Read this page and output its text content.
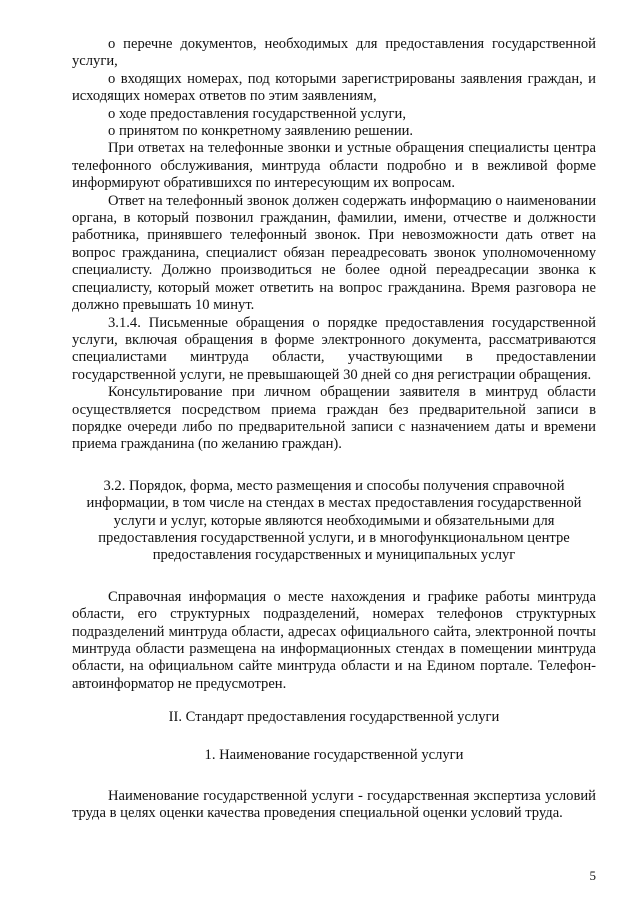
о перечне документов, необходимых для предоставления государственной услуги,

о входящих номерах, под которыми зарегистрированы заявления граждан, и исходящих номерах ответов по этим заявлениям,

о ходе предоставления государственной услуги,

о принятом по конкретному заявлению решении.

При ответах на телефонные звонки и устные обращения специалисты центра телефонного обслуживания, минтруда области подробно и в вежливой форме информируют обратившихся по интересующим их вопросам.

Ответ на телефонный звонок должен содержать информацию о наименовании органа, в который позвонил гражданин, фамилии, имени, отчестве и должности работника, принявшего телефонный звонок. При невозможности дать ответ на вопрос гражданина, специалист обязан переадресовать звонок уполномоченному специалисту. Должно производиться не более одной переадресации звонка к специалисту, который может ответить на вопрос гражданина. Время разговора не должно превышать 10 минут.

3.1.4. Письменные обращения о порядке предоставления государственной услуги, включая обращения в форме электронного документа, рассматриваются специалистами минтруда области, участвующими в предоставлении государственной услуги, не превышающей 30 дней со дня регистрации обращения.

Консультирование при личном обращении заявителя в минтруд области осуществляется посредством приема граждан без предварительной записи в порядке очереди либо по предварительной записи с назначением даты и времени приема гражданина (по желанию граждан).

3.2. Порядок, форма, место размещения и способы получения справочной информации, в том числе на стендах в местах предоставления государственной услуги и услуг, которые являются необходимыми и обязательными для предоставления государственной услуги, и в многофункциональном центре предоставления государственных и муниципальных услуг

Справочная информация о месте нахождения и графике работы минтруда области, его структурных подразделений, номерах телефонов структурных подразделений минтруда области, адресах официального сайта, электронной почты минтруда области размещена на информационных стендах в помещении минтруда области, на официальном сайте минтруда области и на Едином портале. Телефон-автоинформатор не предусмотрен.

II. Стандарт предоставления государственной услуги

1. Наименование государственной услуги

Наименование государственной услуги - государственная экспертиза условий труда в целях оценки качества проведения специальной оценки условий труда.

5
